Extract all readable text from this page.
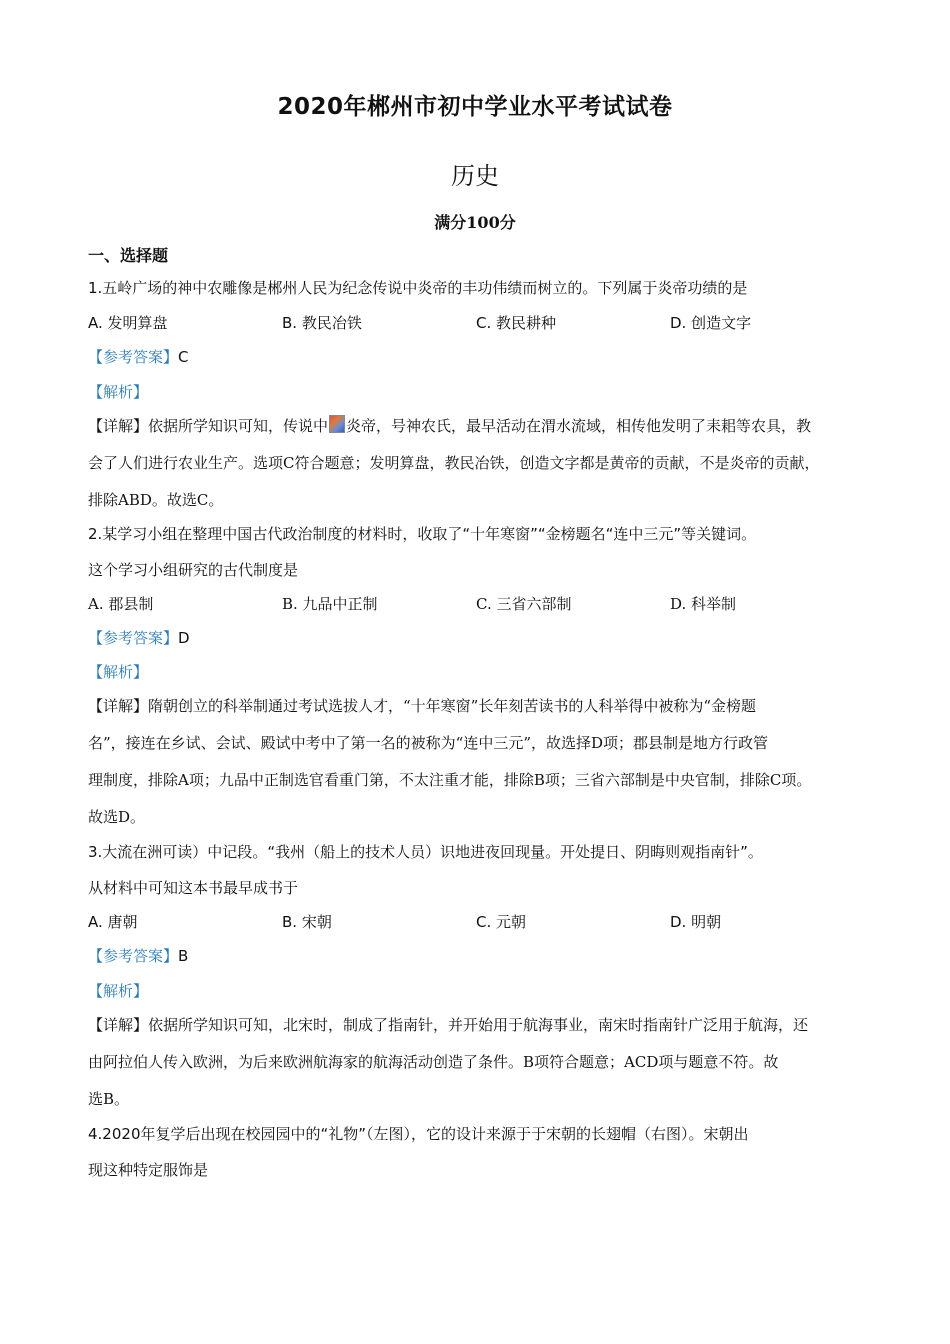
2020年郴州市初中学业水平考试试卷
历史
满分100分
一、选择题
1.五岭广场的神中农雕像是郴州人民为纪念传说中炎帝的丰功伟绩而树立的。下列属于炎帝功绩的是
A. 发明算盘	B. 教民冶铁	C. 教民耕种	D. 创造文字
【参考答案】C
【解析】
【详解】依据所学知识可知，传说中 炎帝，号神农氏，最早活动在渭水流域，相传他发明了耒耜等农具，教
会了人们进行农业生产。选项C符合题意；发明算盘，教民冶铁，创造文字都是黄帝的贡献，不是炎帝的贡献，
排除ABD。故选C。
2.某学习小组在整理中国古代政治制度的材料时，收取了“十年寒窗”“金榜题名“连中三元”等关键词。
这个学习小组研究的古代制度是
A. 郡县制	B. 九品中正制	C. 三省六部制	D. 科举制
【参考答案】D
【解析】
【详解】隋朝创立的科举制通过考试选拔人才，“十年寒窗”长年刻苦读书的人科举得中被称为“金榜题
名”，接连在乡试、会试、殿试中考中了第一名的被称为“连中三元”，故选择D项；郡县制是地方行政管
理制度，排除A项；九品中正制选官看重门第，不太注重才能，排除B项；三省六部制是中央官制，排除C项。
故选D。
3.大流在洲可读）中记段。“我州（船上的技术人员）识地进夜回现量。开处提日、阴晦则观指南针”。
从材料中可知这本书最早成书于
A. 唐朝	B. 宋朝	C. 元朝	D. 明朝
【参考答案】B
【解析】
【详解】依据所学知识可知，北宋时，制成了指南针，并开始用于航海事业，南宋时指南针广泛用于航海，还
由阿拉伯人传入欧洲，为后来欧洲航海家的航海活动创造了条件。B项符合题意；ACD项与题意不符。故
选B。
4.2020年复学后出现在校园园中的“礼物”（左图），它的设计来源于于宋朝的长翅帽（右图）。宋朝出
现这种特定服饰是
